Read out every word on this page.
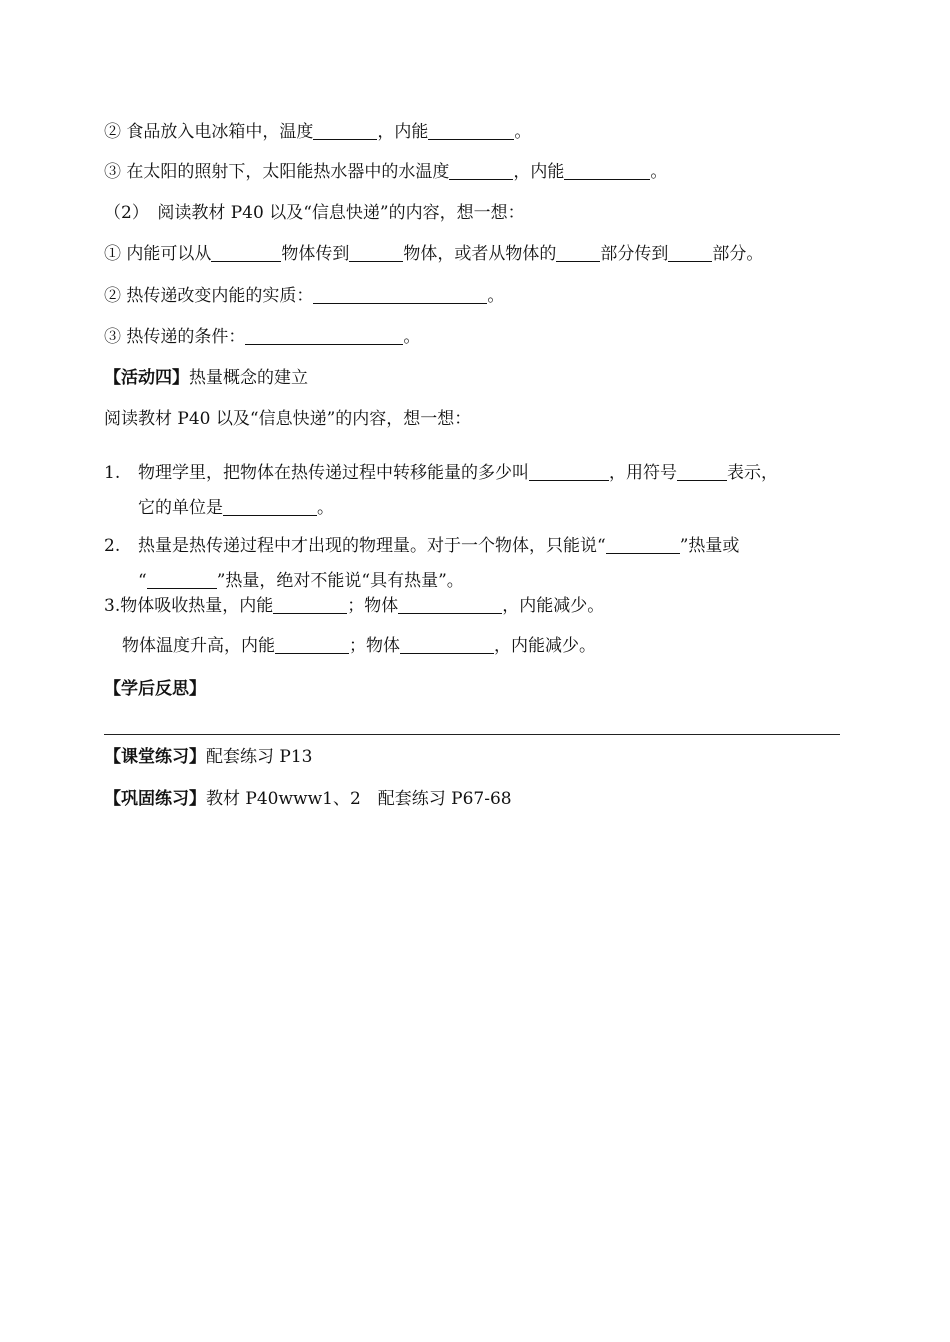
② 食品放入电冰箱中，温度	，内能	。
③ 在太阳的照射下，太阳能热水器中的水温度	，内能	。
（2）　阅读教材 P40 以及“信息快递”的内容，想一想：
① 内能可以从	物体传到	物体，或者从物体的	部分传到	部分。
② 热传递改变内能的实质：	。
③ 热传递的条件：	。
【活动四】热量概念的建立
阅读教材 P40 以及“信息快递”的内容，想一想：
1. 物理学里，把物体在热传递过程中转移能量的多少叫	，用符号	表示，
它的单位是	。
2. 热量是热传递过程中才出现的物理量。对于一个物体，只能说“	”热量或
“	”热量，绝对不能说“具有热量”。
3.物体吸收热量，内能	；物体	，内能减少。
物体温度升高，内能	；物体	，内能减少。
【学后反思】
【课堂练习】配套练习 P13
【巩固练习】教材 P40www1、2　配套练习 P67-68
